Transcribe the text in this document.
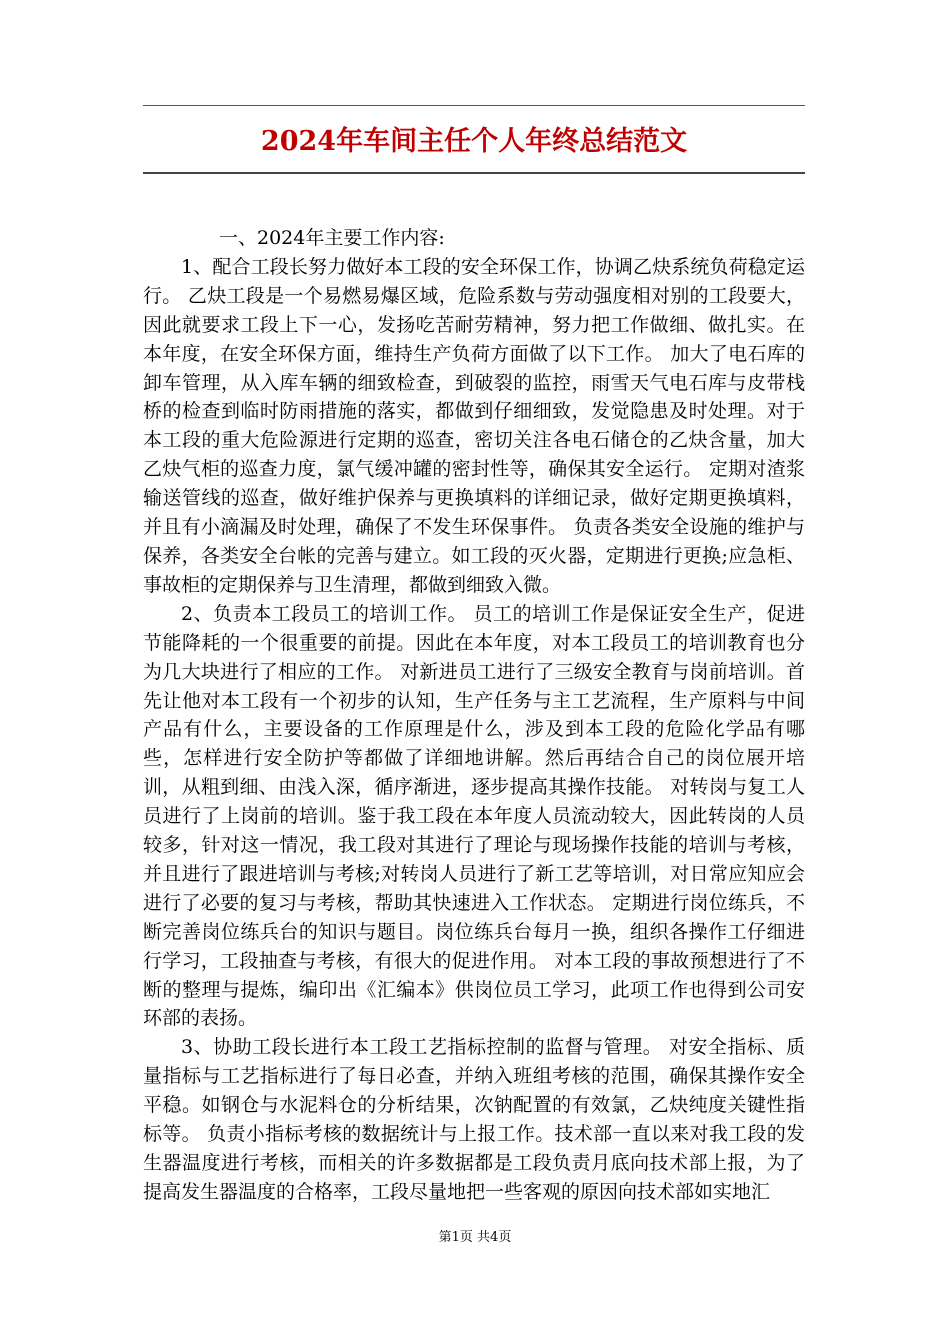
2024年车间主任个人年终总结范文

一、2024年主要工作内容:

1、配合工段长努力做好本工段的安全环保工作，协调乙炔系统负荷稳定运行。 乙炔工段是一个易燃易爆区域，危险系数与劳动强度相对别的工段要大，因此就要求工段上下一心，发扬吃苦耐劳精神，努力把工作做细、做扎实。在本年度，在安全环保方面，维持生产负荷方面做了以下工作。 加大了电石库的卸车管理，从入库车辆的细致检查，到破裂的监控，雨雪天气电石库与皮带栈桥的检查到临时防雨措施的落实，都做到仔细细致，发觉隐患及时处理。对于本工段的重大危险源进行定期的巡查，密切关注各电石储仓的乙炔含量，加大乙炔气柜的巡查力度，氯气缓冲罐的密封性等，确保其安全运行。 定期对渣浆输送管线的巡查，做好维护保养与更换填料的详细记录，做好定期更换填料，并且有小滴漏及时处理，确保了不发生环保事件。 负责各类安全设施的维护与保养，各类安全台帐的完善与建立。如工段的灭火器，定期进行更换;应急柜、事故柜的定期保养与卫生清理，都做到细致入微。

2、负责本工段员工的培训工作。 员工的培训工作是保证安全生产，促进节能降耗的一个很重要的前提。因此在本年度，对本工段员工的培训教育也分为几大块进行了相应的工作。 对新进员工进行了三级安全教育与岗前培训。首先让他对本工段有一个初步的认知，生产任务与主工艺流程，生产原料与中间产品有什么，主要设备的工作原理是什么，涉及到本工段的危险化学品有哪些，怎样进行安全防护等都做了详细地讲解。然后再结合自己的岗位展开培训，从粗到细、由浅入深，循序渐进，逐步提高其操作技能。 对转岗与复工人员进行了上岗前的培训。鉴于我工段在本年度人员流动较大，因此转岗的人员较多，针对这一情况，我工段对其进行了理论与现场操作技能的培训与考核，并且进行了跟进培训与考核;对转岗人员进行了新工艺等培训，对日常应知应会进行了必要的复习与考核，帮助其快速进入工作状态。 定期进行岗位练兵，不断完善岗位练兵台的知识与题目。岗位练兵台每月一换，组织各操作工仔细进行学习，工段抽查与考核，有很大的促进作用。 对本工段的事故预想进行了不断的整理与提炼，编印出《汇编本》供岗位员工学习，此项工作也得到公司安环部的表扬。

3、协助工段长进行本工段工艺指标控制的监督与管理。 对安全指标、质量指标与工艺指标进行了每日必查，并纳入班组考核的范围，确保其操作安全平稳。如钢仓与水泥料仓的分析结果，次钠配置的有效氯，乙炔纯度关键性指标等。 负责小指标考核的数据统计与上报工作。技术部一直以来对我工段的发生器温度进行考核，而相关的许多数据都是工段负责月底向技术部上报，为了提高发生器温度的合格率，工段尽量地把一些客观的原因向技术部如实地汇

第1页 共4页
